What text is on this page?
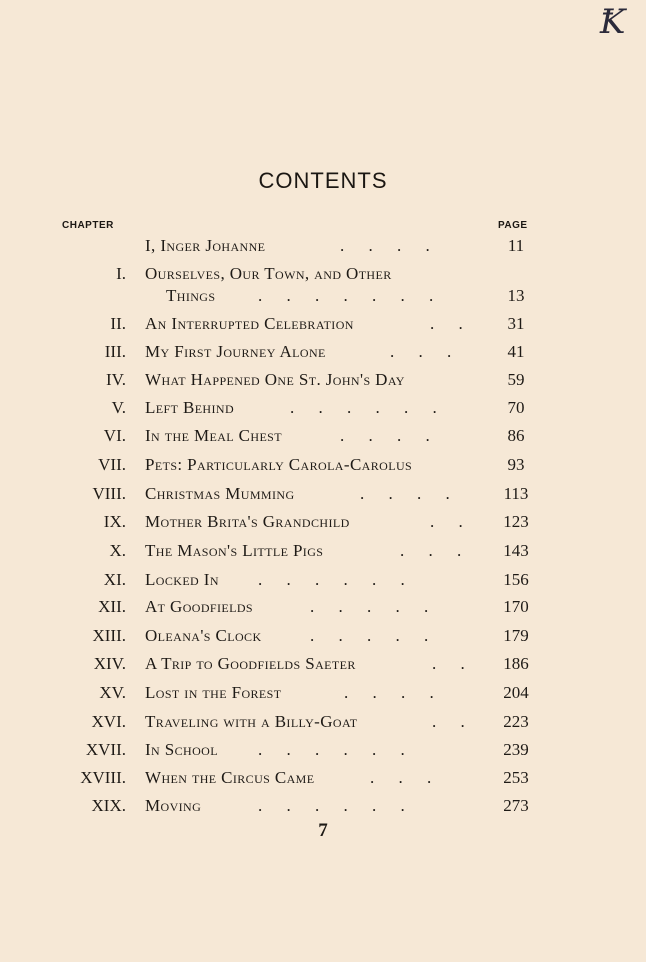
Ꝁ
CONTENTS
CHAPTER	PAGE
I, Inger Johanne	. . . .	11
I. Ourselves, Our Town, and Other
Things	. . . . . . .	13
II. An Interrupted Celebration	. .	31
III. My First Journey Alone	. . .	41
IV. What Happened One St. John's Day	59
V. Left Behind	. . . . . .	70
VI. In the Meal Chest	. . . .	86
VII. Pets: Particularly Carola-Carolus	93
VIII. Christmas Mumming	. . . .	113
IX. Mother Brita's Grandchild	. .	123
X. The Mason's Little Pigs	. . .	143
XI. Locked In . . . . . .	156
XII. At Goodfields	. . . . .	170
XIII. Oleana's Clock	. . . . .	179
XIV. A Trip to Goodfields Saeter	. .	186
XV. Lost in the Forest	. . . .	204
XVI. Traveling with a Billy-Goat	. .	223
XVII. In School . . . . . .	239
XVIII. When the Circus Came	. . .	253
XIX. Moving	. . . . . .	273
7
